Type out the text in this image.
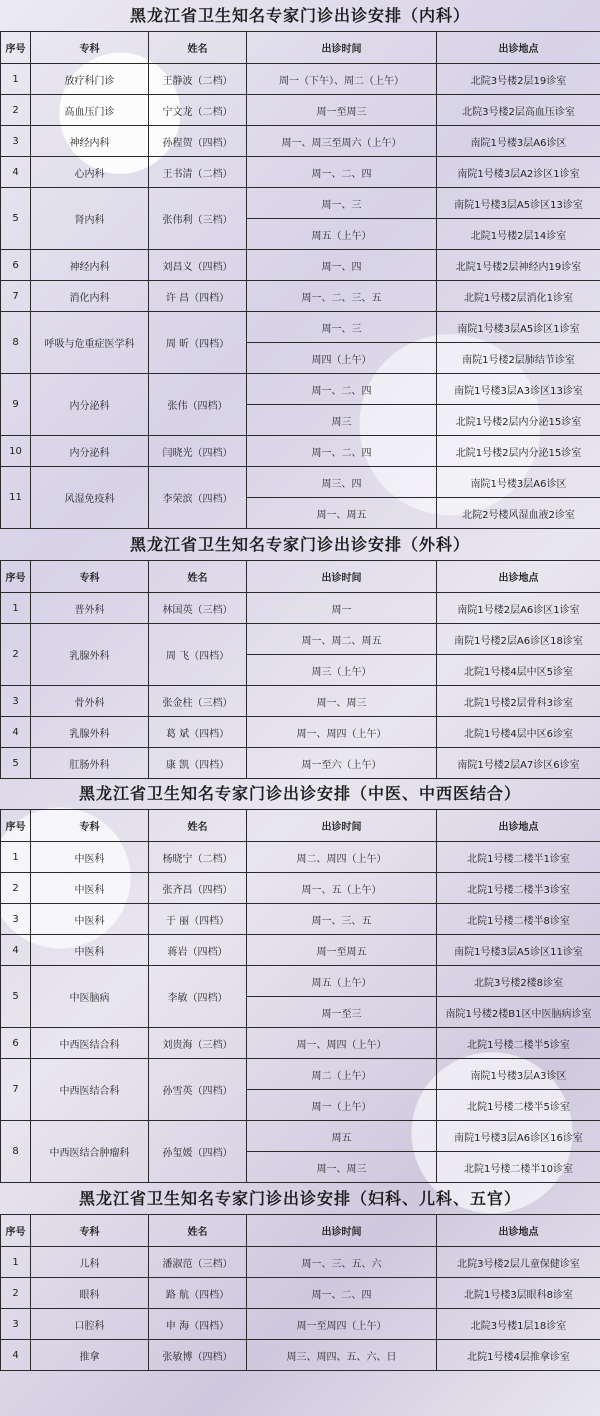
黑龙江省卫生知名专家门诊出诊安排（内科）
序号	专科	姓名	出诊时间	出诊地点
1	放疗科门诊	王静波（二档）	周一（下午）、周二（上午）	北院3号楼2层19诊室
2	高血压门诊	宁文龙（二档）	周一至周三	北院3号楼2层高血压诊室
3	神经内科	孙程贺（四档）	周一、周三至周六（上午）	南院1号楼3层A6诊区
4	心内科	王书清（二档）	周一、二、四	南院1号楼3层A2诊区1诊室
5	肾内科	张伟利（三档）	周一、三	南院1号楼3层A5诊区13诊室
			周五（上午）	北院1号楼2层14诊室
6	神经内科	刘昌义（四档）	周一、四	北院1号楼2层神经内19诊室
7	消化内科	许 昌（四档）	周一、二、三、五	北院1号楼2层消化1诊室
8	呼吸与危重症医学科	周 昕（四档）	周一、三	南院1号楼3层A5诊区1诊室
			周四（上午）	南院1号楼2层肺结节诊室
9	内分泌科	张伟（四档）	周一、二、四	南院1号楼3层A3诊区13诊室
			周三	北院1号楼2层内分泌15诊室
10	内分泌科	闫晓光（四档）	周一、二、四	北院1号楼2层内分泌15诊室
11	风湿免疫科	李荣滨（四档）	周三、四	南院1号楼3层A6诊区
			周一、周五	北院2号楼风湿血液2诊室
黑龙江省卫生知名专家门诊出诊安排（外科）
序号	专科	姓名	出诊时间	出诊地点
1	普外科	林国英（三档）	周一	南院1号楼2层A6诊区1诊室
2	乳腺外科	周 飞（四档）	周一、周二、周五	南院1号楼2层A6诊区18诊室
			周三（上午）	北院1号楼4层中区5诊室
3	骨外科	张金柱（三档）	周一、周三	北院1号楼2层骨科3诊室
4	乳腺外科	葛 斌（四档）	周一、周四（上午）	北院1号楼4层中区6诊室
5	肛肠外科	康 凯（四档）	周一至六（上午）	南院1号楼2层A7诊区6诊室
黑龙江省卫生知名专家门诊出诊安排（中医、中西医结合）
序号	专科	姓名	出诊时间	出诊地点
1	中医科	杨晓宁（二档）	周二、周四（上午）	北院1号楼二楼半1诊室
2	中医科	张齐昌（四档）	周一、五（上午）	北院1号楼二楼半3诊室
3	中医科	于 丽（四档）	周一、三、五	北院1号楼二楼半8诊室
4	中医科	蒋岩（四档）	周一至周五	南院1号楼3层A5诊区11诊室
5	中医脑病	李敏（四档）	周五（上午）	北院3号楼2楼8诊室
			周一至三	南院1号楼2楼B1区中医脑病诊室
6	中西医结合科	刘贵海（三档）	周一、周四（上午）	北院1号楼二楼半5诊室
7	中西医结合科	孙雪英（四档）	周二（上午）	南院1号楼3层A3诊区
			周一（上午）	北院1号楼二楼半5诊室
8	中西医结合肿瘤科	孙玺媛（四档）	周五	南院1号楼3层A6诊区16诊室
			周一、周三	北院1号楼二楼半10诊室
黑龙江省卫生知名专家门诊出诊安排（妇科、儿科、五官）
序号	专科	姓名	出诊时间	出诊地点
1	儿科	潘淑范（三档）	周一、三、五、六	北院3号楼2层儿童保健诊室
2	眼科	路 航（四档）	周一、二、四	北院1号楼3层眼科8诊室
3	口腔科	申 海（四档）	周一至周四（上午）	北院3号楼1层18诊室
4	推拿	张敏博（四档）	周三、周四、五、六、日	北院1号楼4层推拿诊室
